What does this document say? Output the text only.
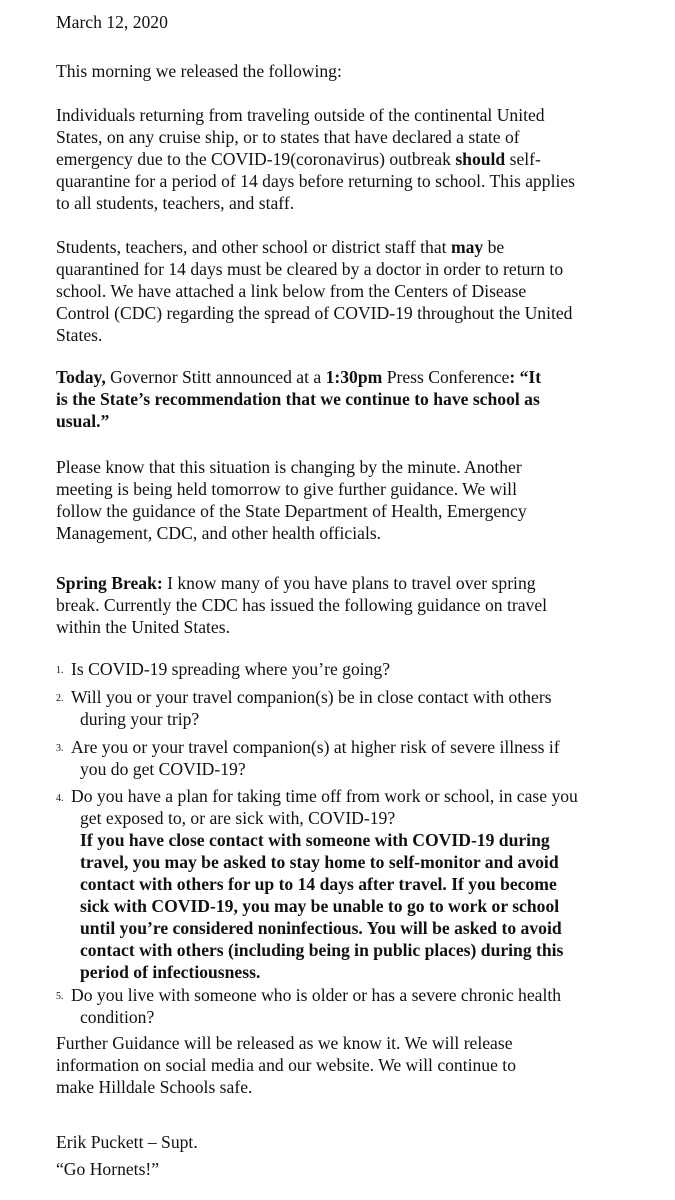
March 12, 2020
This morning we released the following:
Individuals returning from traveling outside of the continental United
States, on any cruise ship, or to states that have declared a state of
emergency due to the COVID-19(coronavirus) outbreak should self-
quarantine for a period of 14 days before returning to school. This applies
to all students, teachers, and staff.
Students, teachers, and other school or district staff that may be
quarantined for 14 days must be cleared by a doctor in order to return to
school. We have attached a link below from the Centers of Disease
Control (CDC) regarding the spread of COVID-19 throughout the United
States.
Today, Governor Stitt announced at a 1:30pm Press Conference: “It
is the State’s recommendation that we continue to have school as
usual.”
Please know that this situation is changing by the minute. Another
meeting is being held tomorrow to give further guidance. We will
follow the guidance of the State Department of Health, Emergency
Management, CDC, and other health officials.
Spring Break: I know many of you have plans to travel over spring
break. Currently the CDC has issued the following guidance on travel
within the United States.
1. Is COVID-19 spreading where you’re going?
2. Will you or your travel companion(s) be in close contact with others
during your trip?
3. Are you or your travel companion(s) at higher risk of severe illness if
you do get COVID-19?
4. Do you have a plan for taking time off from work or school, in case you
get exposed to, or are sick with, COVID-19?
If you have close contact with someone with COVID-19 during
travel, you may be asked to stay home to self-monitor and avoid
contact with others for up to 14 days after travel. If you become
sick with COVID-19, you may be unable to go to work or school
until you’re considered noninfectious. You will be asked to avoid
contact with others (including being in public places) during this
period of infectiousness.
5. Do you live with someone who is older or has a severe chronic health
condition?
Further Guidance will be released as we know it. We will release
information on social media and our website. We will continue to
make Hilldale Schools safe.
Erik Puckett – Supt.
“Go Hornets!”
